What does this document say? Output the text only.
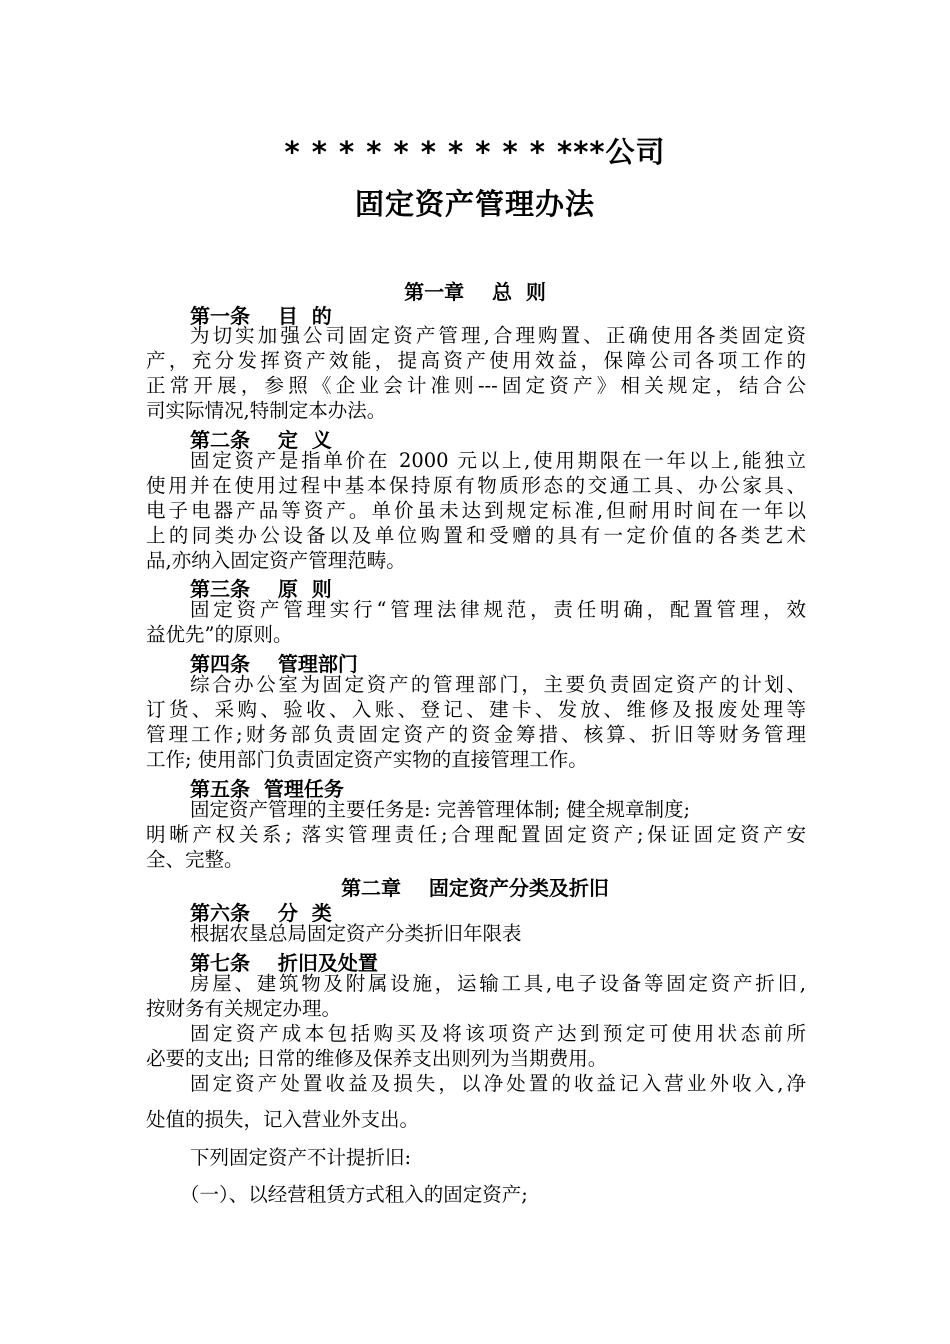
* * * * * * * * * * ***公司
固定资产管理办法
第一章    总  则
第一条    目  的
为切实加强公司固定资产管理,合理购置、正确使用各类固定资
产，充分发挥资产效能，提高资产使用效益，保障公司各项工作的
正常开展，参照《企业会计准则---固定资产》相关规定，结合公
司实际情况,特制定本办法。
第二条    定  义
固定资产是指单价在 2000 元以上,使用期限在一年以上,能独立
使用并在使用过程中基本保持原有物质形态的交通工具、办公家具、
电子电器产品等资产。单价虽未达到规定标准,但耐用时间在一年以
上的同类办公设备以及单位购置和受赠的具有一定价值的各类艺术
品,亦纳入固定资产管理范畴。
第三条    原  则
固定资产管理实行“管理法律规范，责任明确，配置管理，效
益优先”的原则。
第四条    管理部门
综合办公室为固定资产的管理部门，主要负责固定资产的计划、
订货、采购、验收、入账、登记、建卡、发放、维修及报废处理等
管理工作;财务部负责固定资产的资金筹措、核算、折旧等财务管理
工作; 使用部门负责固定资产实物的直接管理工作。
第五条  管理任务
固定资产管理的主要任务是: 完善管理体制; 健全规章制度;
明晰产权关系; 落实管理责任;合理配置固定资产;保证固定资产安
全、完整。
第二章    固定资产分类及折旧
第六条    分  类
根据农垦总局固定资产分类折旧年限表
第七条    折旧及处置
房屋、建筑物及附属设施，运输工具,电子设备等固定资产折旧,
按财务有关规定办理。
固定资产成本包括购买及将该项资产达到预定可使用状态前所
必要的支出; 日常的维修及保养支出则列为当期费用。
固定资产处置收益及损失，以净处置的收益记入营业外收入,净
处值的损失，记入营业外支出。
下列固定资产不计提折旧:
（一）、以经营租赁方式租入的固定资产;
